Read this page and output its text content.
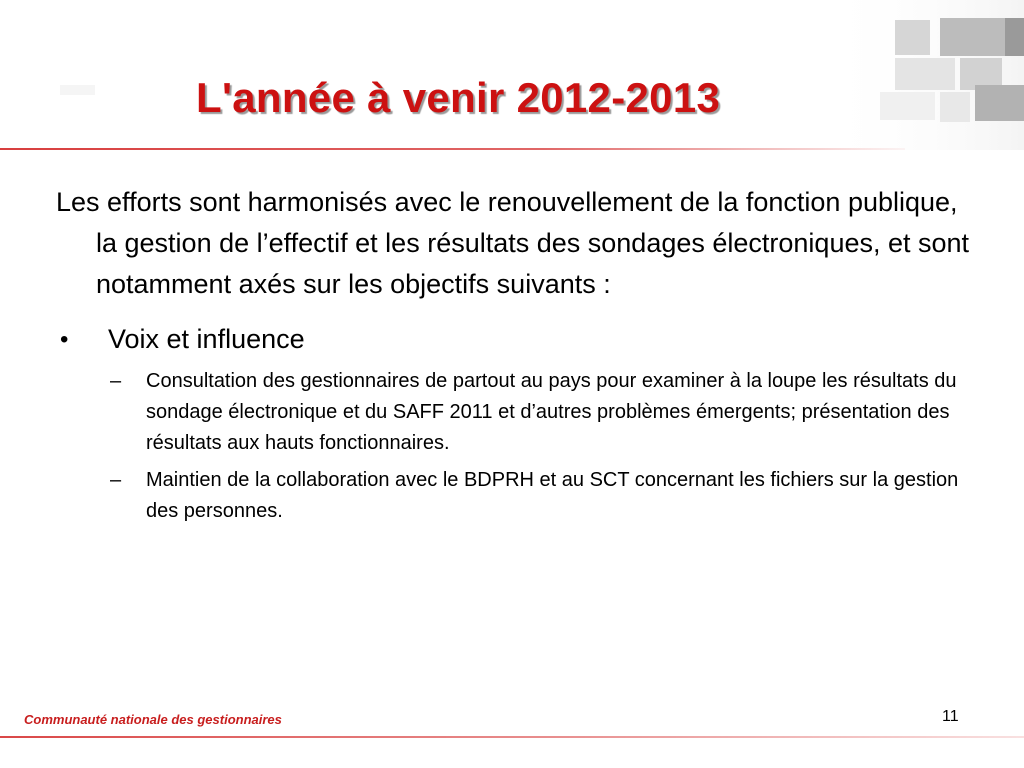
L'année à venir 2012-2013

Les efforts sont harmonisés avec le renouvellement de la fonction publique, la gestion de l’effectif et les résultats des sondages électroniques, et sont notamment axés sur les objectifs suivants :

•	Voix et influence
–	Consultation des gestionnaires de partout au pays pour examiner à la loupe les résultats du sondage électronique et du SAFF 2011 et d’autres problèmes émergents; présentation des résultats aux hauts fonctionnaires.
–	Maintien de la collaboration avec le BDPRH et au SCT concernant les fichiers sur la gestion des personnes.
Communauté nationale des gestionnaires	11
